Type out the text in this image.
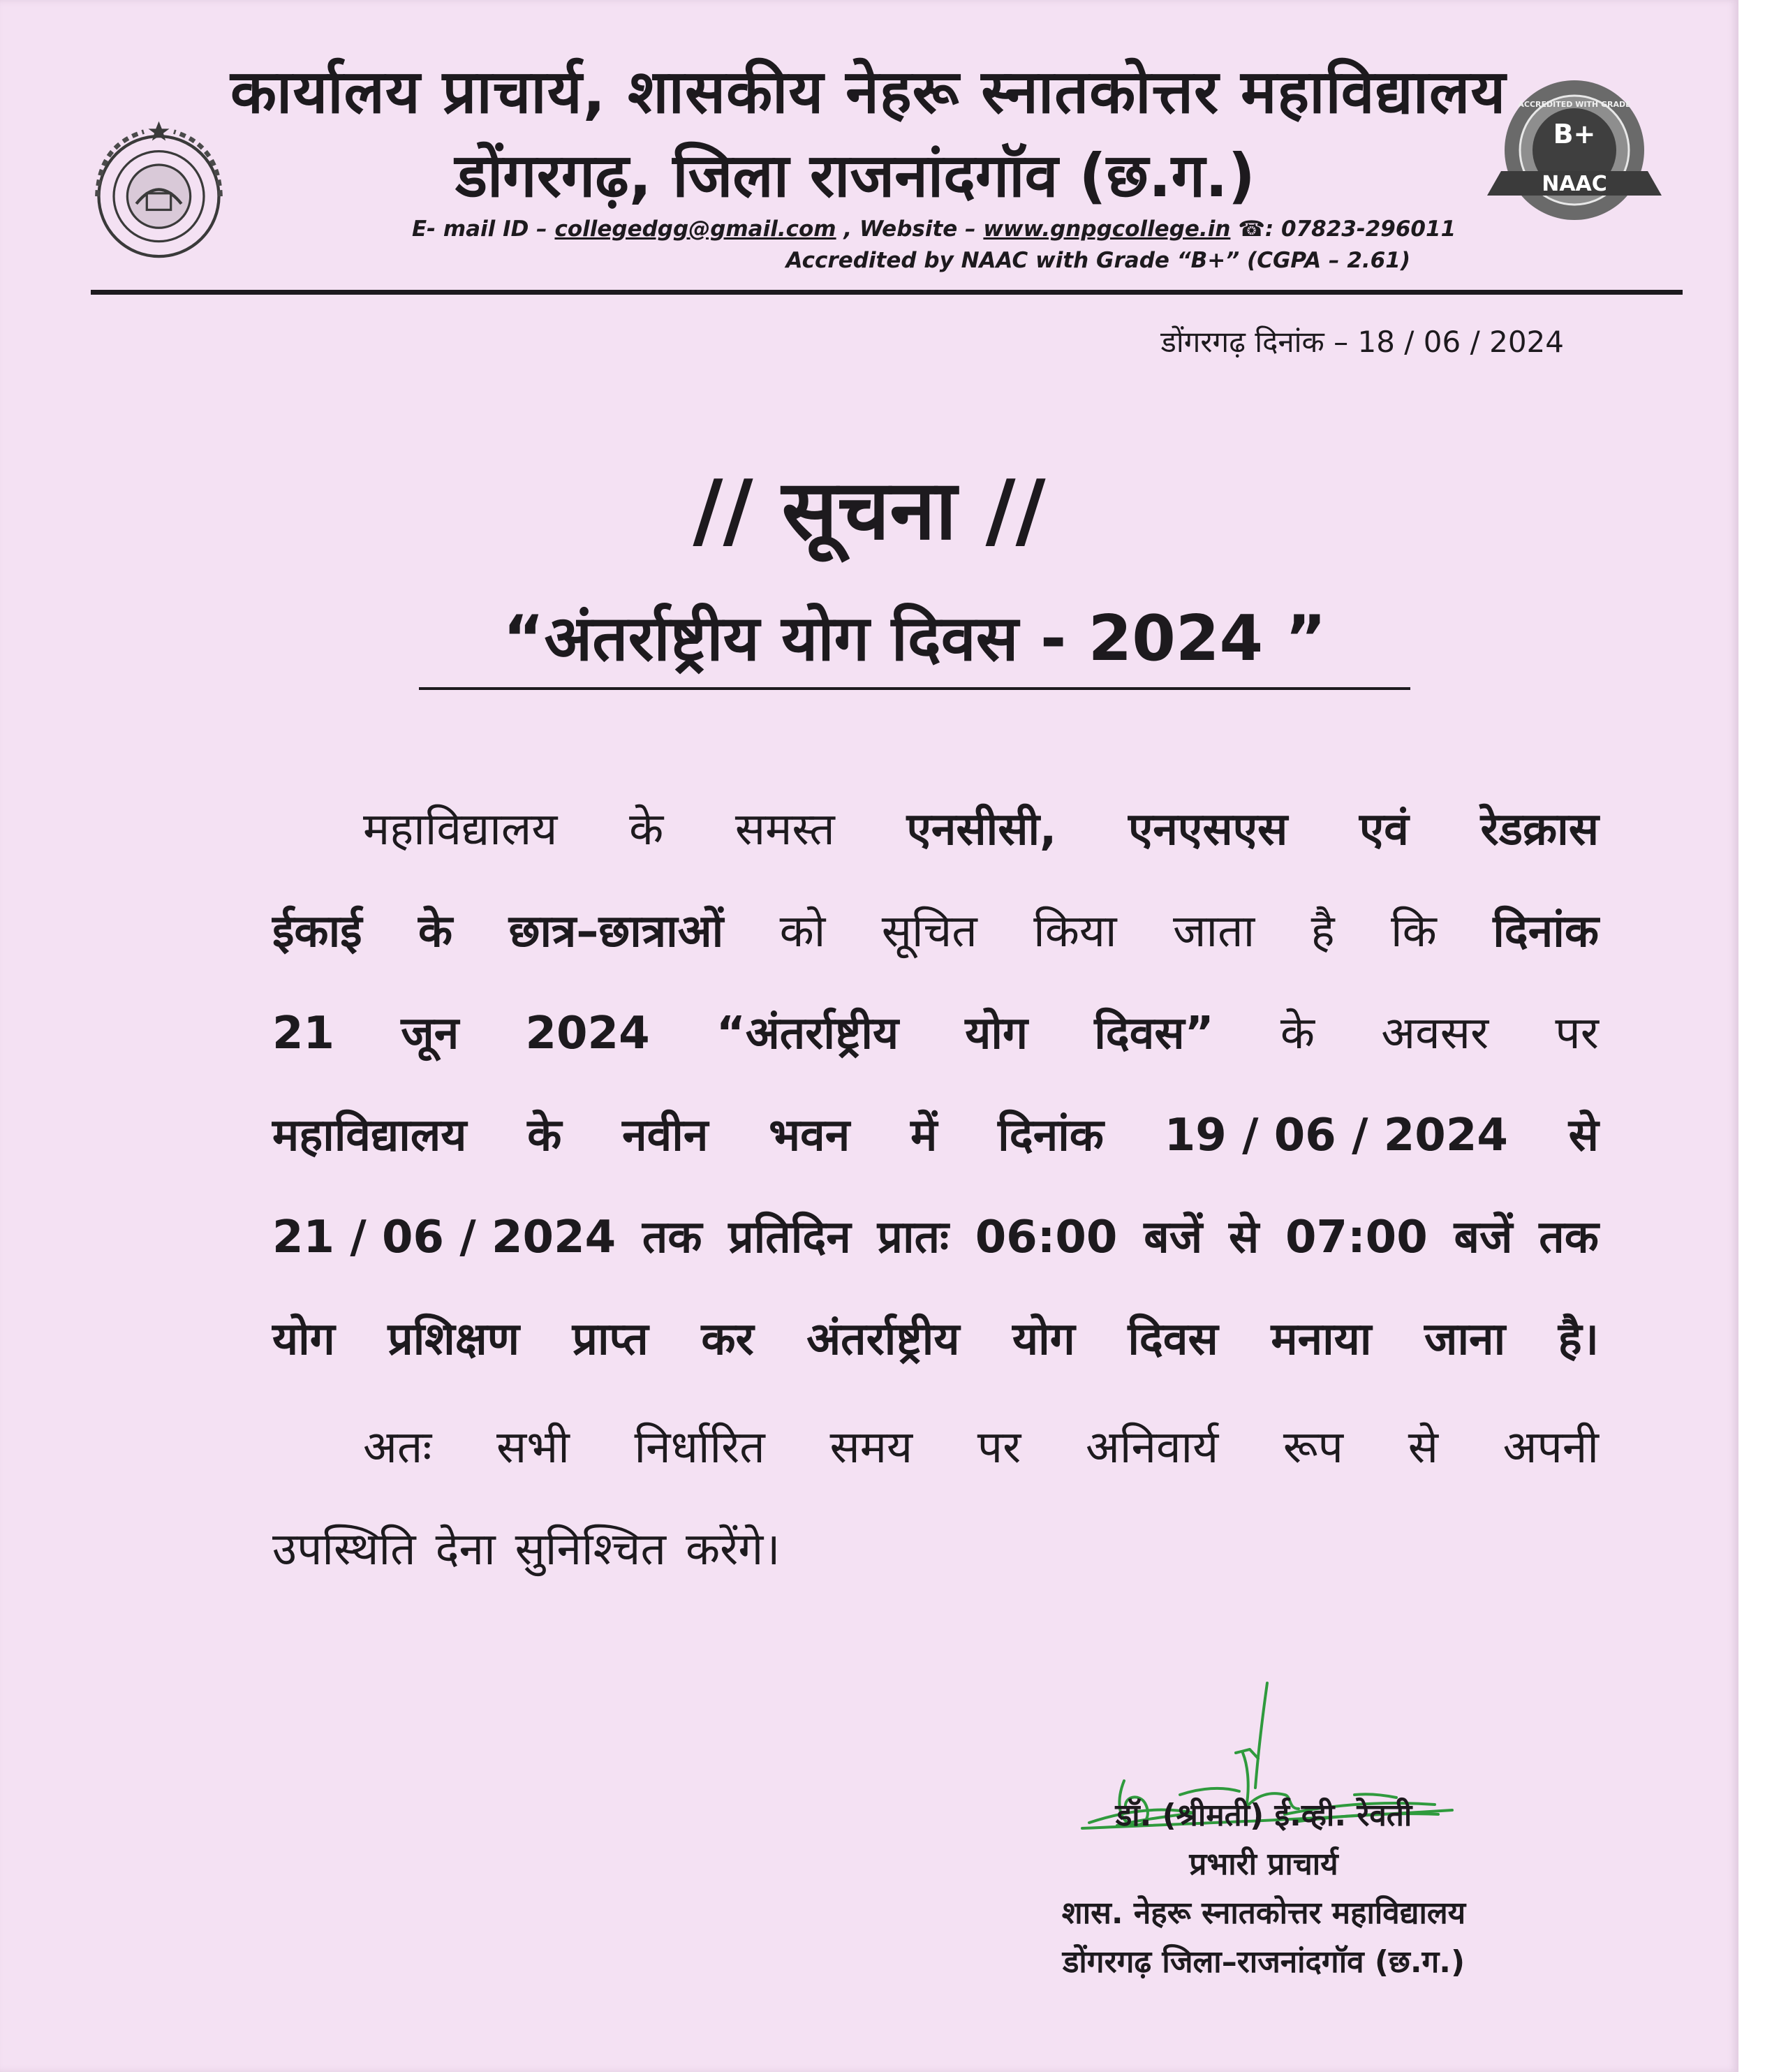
कार्यालय प्राचार्य, शासकीय नेहरू स्नातकोत्तर महाविद्यालय
डोंगरगढ़, जिला राजनांदगॉव (छ.ग.)
E- mail ID – collegedgg@gmail.com , Website – www.gnpgcollege.in ☎: 07823-296011
Accredited by NAAC with Grade “B+” (CGPA – 2.61)
B+
NAAC
ACCREDITED WITH GRADE
डोंगरगढ़ दिनांक – 18 / 06 / 2024
// सूचना //
“अंतर्राष्ट्रीय योग दिवस - 2024 ”
महाविद्यालय के समस्त एनसीसी, एनएसएस एवं रेडक्रास
ईकाई के छात्र–छात्राओं को सूचित किया जाता है कि दिनांक
21 जून 2024 “अंतर्राष्ट्रीय योग दिवस” के अवसर पर
महाविद्यालय के नवीन भवन में दिनांक 19 / 06 / 2024 से
21 / 06 / 2024 तक प्रतिदिन प्रातः 06:00 बजें से 07:00 बजें तक
योग प्रशिक्षण प्राप्त कर अंतर्राष्ट्रीय योग दिवस मनाया जाना है।
अतः सभी निर्धारित समय पर अनिवार्य रूप से अपनी
उपस्थिति देना सुनिश्चित करेंगे।
डॉ. (श्रीमती) ई.व्ही. रेवती
प्रभारी प्राचार्य
शास. नेहरू स्नातकोत्तर महाविद्यालय
डोंगरगढ़ जिला–राजनांदगॉव (छ.ग.)
